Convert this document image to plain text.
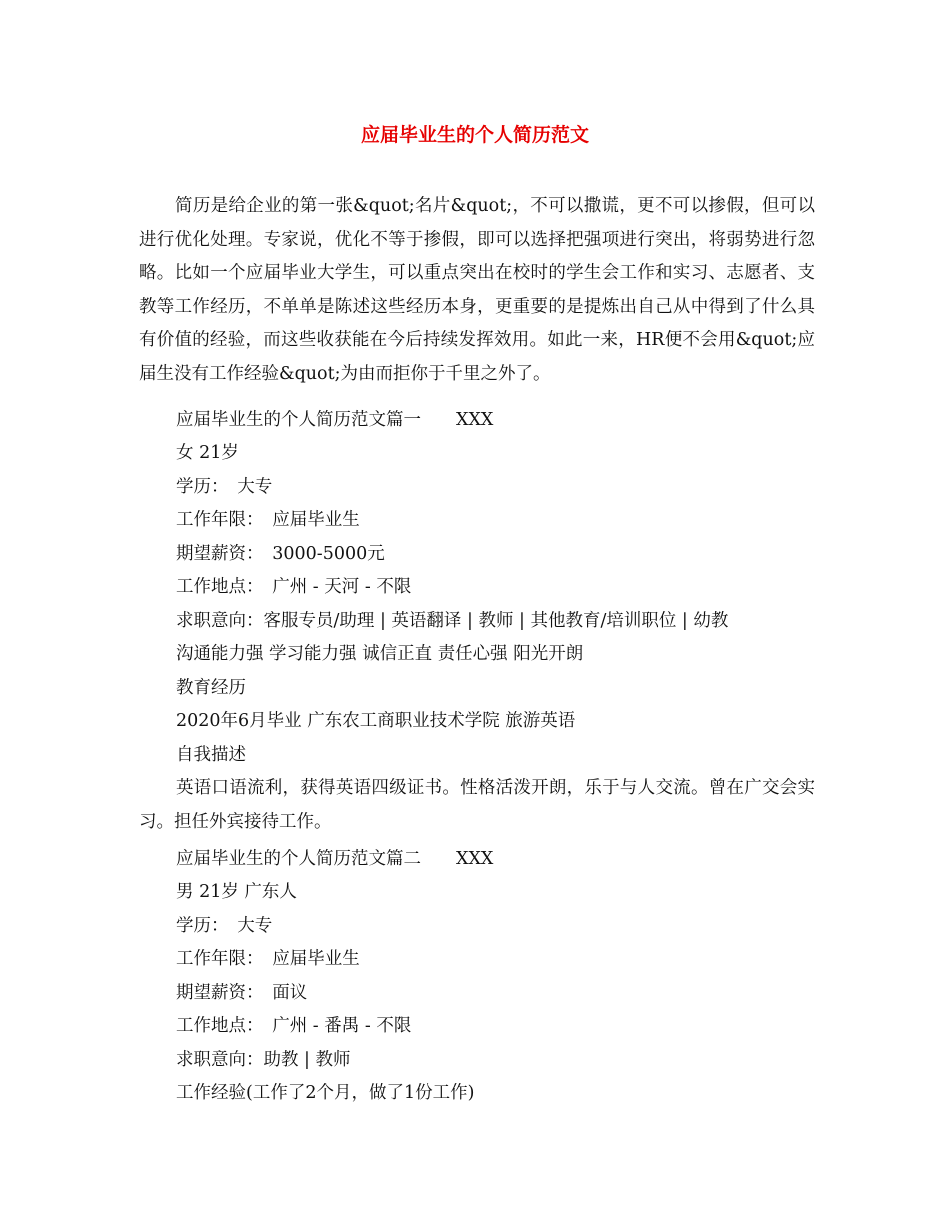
应届毕业生的个人简历范文

简历是给企业的第一张&quot;名片&quot;，不可以撒谎，更不可以掺假，但可以进行优化处理。专家说，优化不等于掺假，即可以选择把强项进行突出，将弱势进行忽略。比如一个应届毕业大学生，可以重点突出在校时的学生会工作和实习、志愿者、支教等工作经历，不单单是陈述这些经历本身，更重要的是提炼出自己从中得到了什么具有价值的经验，而这些收获能在今后持续发挥效用。如此一来，HR便不会用&quot;应届生没有工作经验&quot;为由而拒你于千里之外了。

应届毕业生的个人简历范文篇一　　XXX
女 21岁
学历：　大专
工作年限：　应届毕业生
期望薪资：　3000-5000元
工作地点：　广州 - 天河 - 不限
求职意向：客服专员/助理 | 英语翻译 | 教师 | 其他教育/培训职位 | 幼教
沟通能力强 学习能力强 诚信正直 责任心强 阳光开朗
教育经历
2020年6月毕业 广东农工商职业技术学院 旅游英语
自我描述

英语口语流利，获得英语四级证书。性格活泼开朗，乐于与人交流。曾在广交会实习。担任外宾接待工作。

应届毕业生的个人简历范文篇二　　XXX
男 21岁 广东人
学历：　大专
工作年限：　应届毕业生
期望薪资：　面议
工作地点：　广州 - 番禺 - 不限
求职意向：助教 | 教师
工作经验(工作了2个月，做了1份工作)
